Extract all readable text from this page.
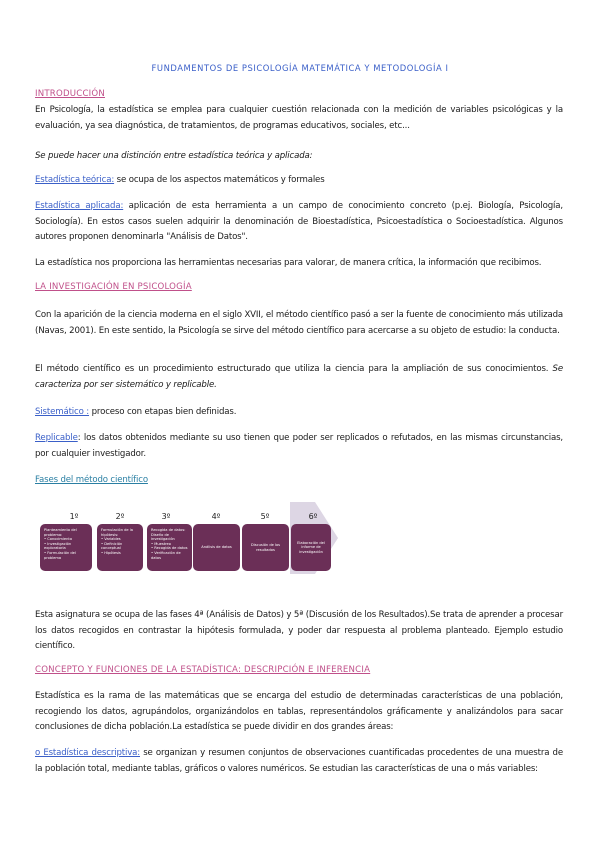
FUNDAMENTOS DE PSICOLOGÍA MATEMÁTICA Y METODOLOGÍA I
INTRODUCCIÓN
En Psicología, la estadística se emplea para cualquier cuestión relacionada con la medición de variables psicológicas y la evaluación, ya sea diagnóstica, de tratamientos, de programas educativos, sociales, etc...
Se puede hacer una distinción entre estadística teórica y aplicada:
Estadística teórica: se ocupa de los aspectos matemáticos y formales
Estadística aplicada: aplicación de esta herramienta a un campo de conocimiento concreto (p.ej. Biología, Psicología, Sociología). En estos casos suelen adquirir la denominación de Bioestadística, Psicoestadística o Socioestadística. Algunos autores proponen denominarla "Análisis de Datos".
La estadística nos proporciona las herramientas necesarias para valorar, de manera crítica, la información que recibimos.
LA INVESTIGACIÓN EN PSICOLOGÍA
Con la aparición de la ciencia moderna en el siglo XVII, el método científico pasó a ser la fuente de conocimiento más utilizada (Navas, 2001). En este sentido, la Psicología se sirve del método científico para acercarse a su objeto de estudio: la conducta.
El método científico es un procedimiento estructurado que utiliza la ciencia para la ampliación de sus conocimientos. Se caracteriza por ser sistemático y replicable.
Sistemático : proceso con etapas bien definidas.
Replicable: los datos obtenidos mediante su uso tienen que poder ser replicados o refutados, en las mismas circunstancias, por cualquier investigador.
Fases del método científico
1º	2º	3º	4º	5º	6º
Planteamiento del problema:
• Conocimiento
• Investigación exploratoria
• Formulación del problema
Formulación de la hipótesis:
• Variables
• Definición conceptual
• Hipótesis
Recogida de datos:
Diseño de investigación
• Muestreo
• Recogida de datos
• Verificación de datos
Análisis de datos
Discusión de los resultados
Elaboración del informe de investigación
Esta asignatura se ocupa de las fases 4ª (Análisis de Datos) y 5ª (Discusión de los Resultados).Se trata de aprender a procesar los datos recogidos en contrastar la hipótesis formulada, y poder dar respuesta al problema planteado. Ejemplo estudio científico.
CONCEPTO Y FUNCIONES DE LA ESTADÍSTICA: DESCRIPCIÓN E INFERENCIA
Estadística es la rama de las matemáticas que se encarga del estudio de determinadas características de una población, recogiendo los datos, agrupándolos, organizándolos en tablas, representándolos gráficamente y analizándolos para sacar conclusiones de dicha población.La estadística se puede dividir en dos grandes áreas:
o Estadística descriptiva: se organizan y resumen conjuntos de observaciones cuantificadas procedentes de una muestra de la población total, mediante tablas, gráficos o valores numéricos. Se estudian las características de una o más variables:
